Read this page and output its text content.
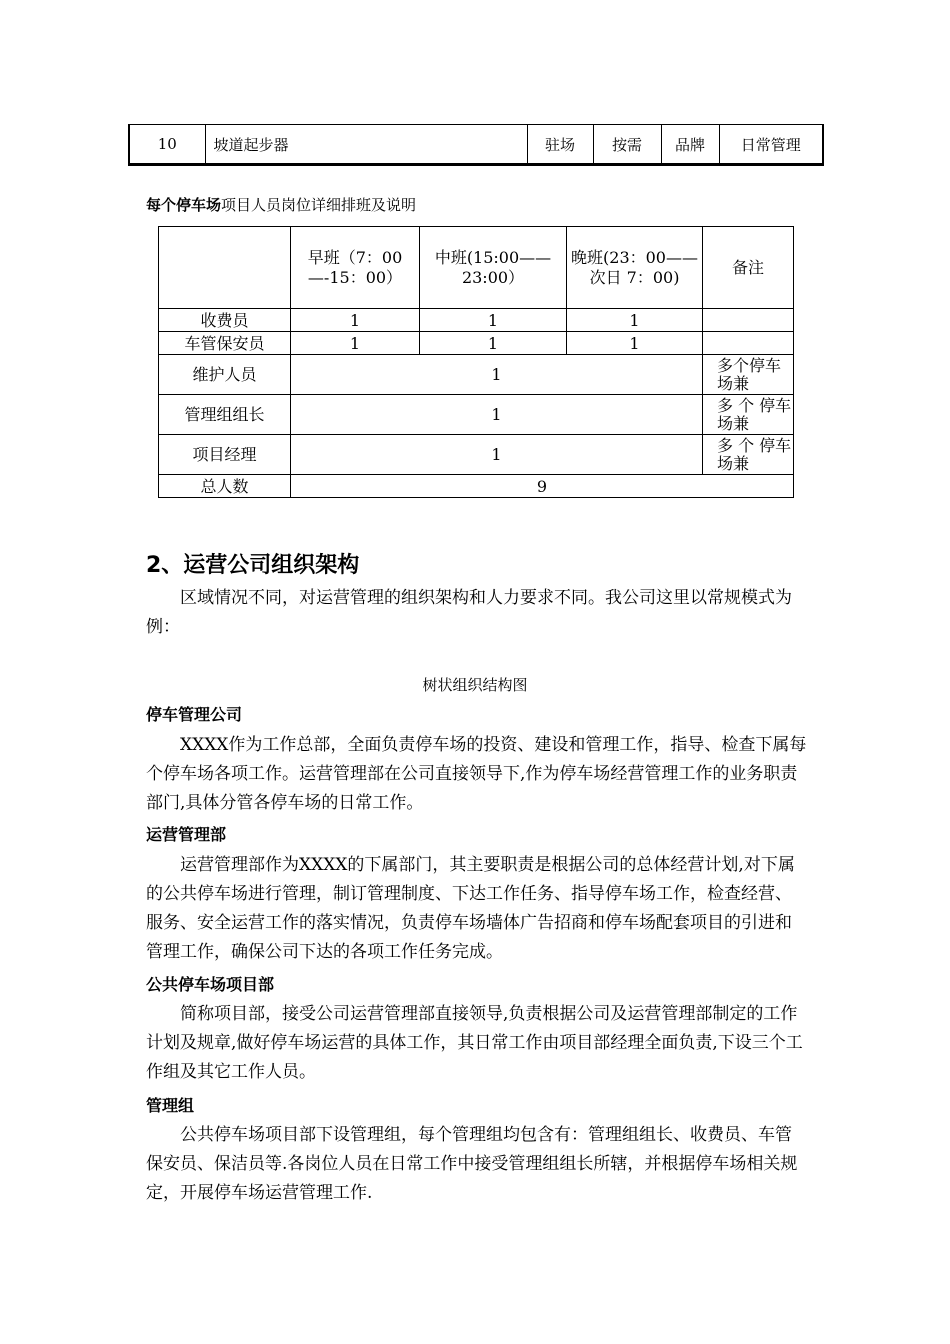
10	坡道起步器	驻场	按需	品牌	日常管理
每个停车场项目人员岗位详细排班及说明
	早班（7：00—-15：00）	中班(15:00—— 23:00）	晚班(23：00——次日 7：00)	备注
收费员	1	1	1	
车管保安员	1	1	1	
维护人员	1			多个停车场兼
管理组组长	1			多 个 停车场兼
项目经理	1			多 个 停车场兼
总人数	9			
2、运营公司组织架构

区域情况不同，对运营管理的组织架构和人力要求不同。我公司这里以常规模式为例：

树状组织结构图
停车管理公司

XXXX作为工作总部，全面负责停车场的投资、建设和管理工作，指导、检查下属每个停车场各项工作。运营管理部在公司直接领导下,作为停车场经营管理工作的业务职责部门,具体分管各停车场的日常工作。

运营管理部

运营管理部作为XXXX的下属部门，其主要职责是根据公司的总体经营计划,对下属的公共停车场进行管理，制订管理制度、下达工作任务、指导停车场工作，检查经营、服务、安全运营工作的落实情况，负责停车场墙体广告招商和停车场配套项目的引进和管理工作，确保公司下达的各项工作任务完成。

公共停车场项目部

简称项目部，接受公司运营管理部直接领导,负责根据公司及运营管理部制定的工作计划及规章,做好停车场运营的具体工作，其日常工作由项目部经理全面负责,下设三个工作组及其它工作人员。

管理组

公共停车场项目部下设管理组，每个管理组均包含有：管理组组长、收费员、车管保安员、保洁员等.各岗位人员在日常工作中接受管理组组长所辖，并根据停车场相关规定，开展停车场运营管理工作.
